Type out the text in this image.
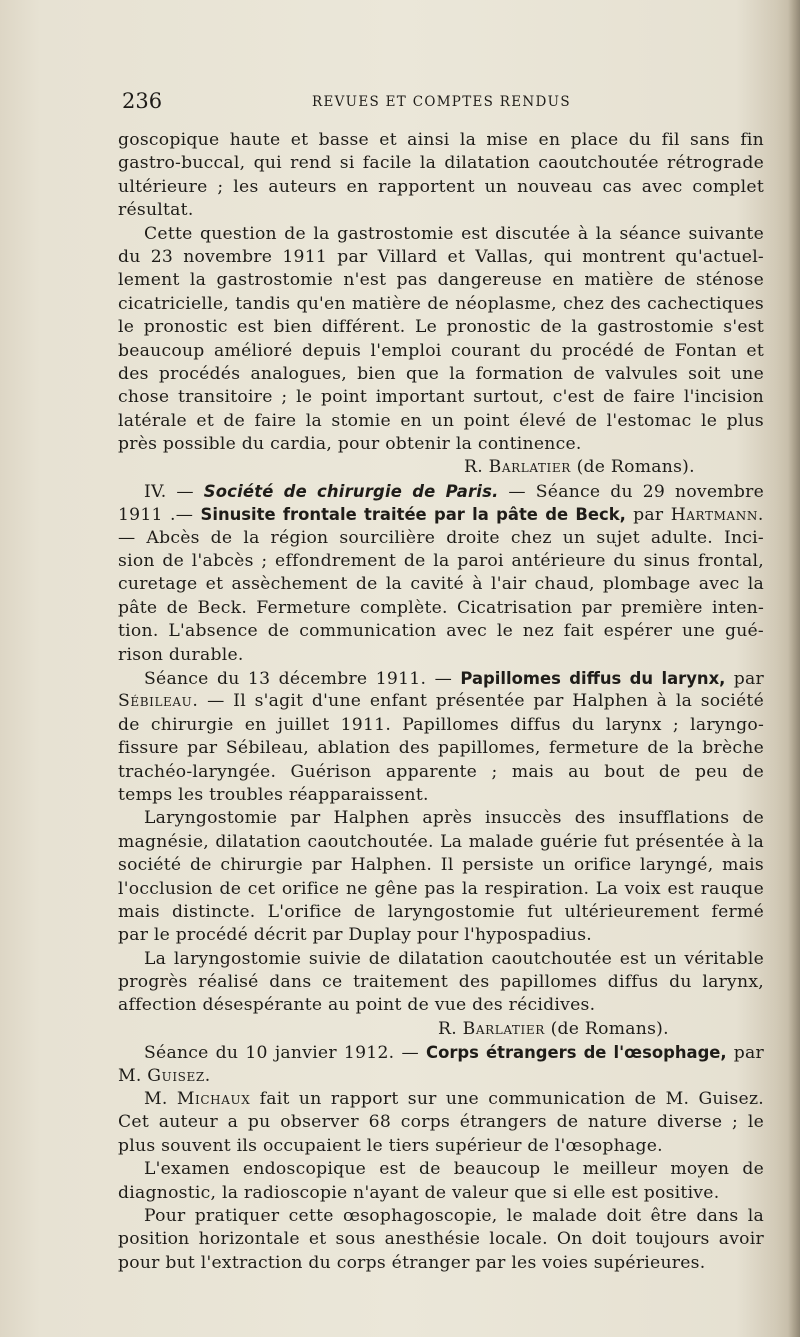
236	REVUES ET COMPTES RENDUS
goscopique haute et basse et ainsi la mise en place du fil sans fin
gastro-buccal, qui rend si facile la dilatation caoutchoutée rétrograde
ultérieure ; les auteurs en rapportent un nouveau cas avec complet
résultat.
Cette question de la gastrostomie est discutée à la séance suivante
du 23 novembre 1911 par Villard et Vallas, qui montrent qu'actuel-
lement la gastrostomie n'est pas dangereuse en matière de sténose
cicatricielle, tandis qu'en matière de néoplasme, chez des cachectiques
le pronostic est bien différent. Le pronostic de la gastrostomie s'est
beaucoup amélioré depuis l'emploi courant du procédé de Fontan et
des procédés analogues, bien que la formation de valvules soit une
chose transitoire ; le point important surtout, c'est de faire l'incision
latérale et de faire la stomie en un point élevé de l'estomac le plus
près possible du cardia, pour obtenir la continence.
R. Barlatier (de Romans).
IV. — Société de chirurgie de Paris. — Séance du 29 novembre
1911 .— Sinusite frontale traitée par la pâte de Beck, par Hartmann.
— Abcès de la région sourcilière droite chez un sujet adulte. Inci-
sion de l'abcès ; effondrement de la paroi antérieure du sinus frontal,
curetage et assèchement de la cavité à l'air chaud, plombage avec la
pâte de Beck. Fermeture complète. Cicatrisation par première inten-
tion. L'absence de communication avec le nez fait espérer une gué-
rison durable.
Séance du 13 décembre 1911. — Papillomes diffus du larynx, par
Sébileau. — Il s'agit d'une enfant présentée par Halphen à la société
de chirurgie en juillet 1911. Papillomes diffus du larynx ; laryngo-
fissure par Sébileau, ablation des papillomes, fermeture de la brèche
trachéo-laryngée. Guérison apparente ; mais au bout de peu de
temps les troubles réapparaissent.
Laryngostomie par Halphen après insuccès des insufflations de
magnésie, dilatation caoutchoutée. La malade guérie fut présentée à la
société de chirurgie par Halphen. Il persiste un orifice laryngé, mais
l'occlusion de cet orifice ne gêne pas la respiration. La voix est rauque
mais distincte. L'orifice de laryngostomie fut ultérieurement fermé
par le procédé décrit par Duplay pour l'hypospadius.
La laryngostomie suivie de dilatation caoutchoutée est un véritable
progrès réalisé dans ce traitement des papillomes diffus du larynx,
affection désespérante au point de vue des récidives.
R. Barlatier (de Romans).
Séance du 10 janvier 1912. — Corps étrangers de l'œsophage, par
M. Guisez.
M. Michaux fait un rapport sur une communication de M. Guisez.
Cet auteur a pu observer 68 corps étrangers de nature diverse ; le
plus souvent ils occupaient le tiers supérieur de l'œsophage.
L'examen endoscopique est de beaucoup le meilleur moyen de
diagnostic, la radioscopie n'ayant de valeur que si elle est positive.
Pour pratiquer cette œsophagoscopie, le malade doit être dans la
position horizontale et sous anesthésie locale. On doit toujours avoir
pour but l'extraction du corps étranger par les voies supérieures.
